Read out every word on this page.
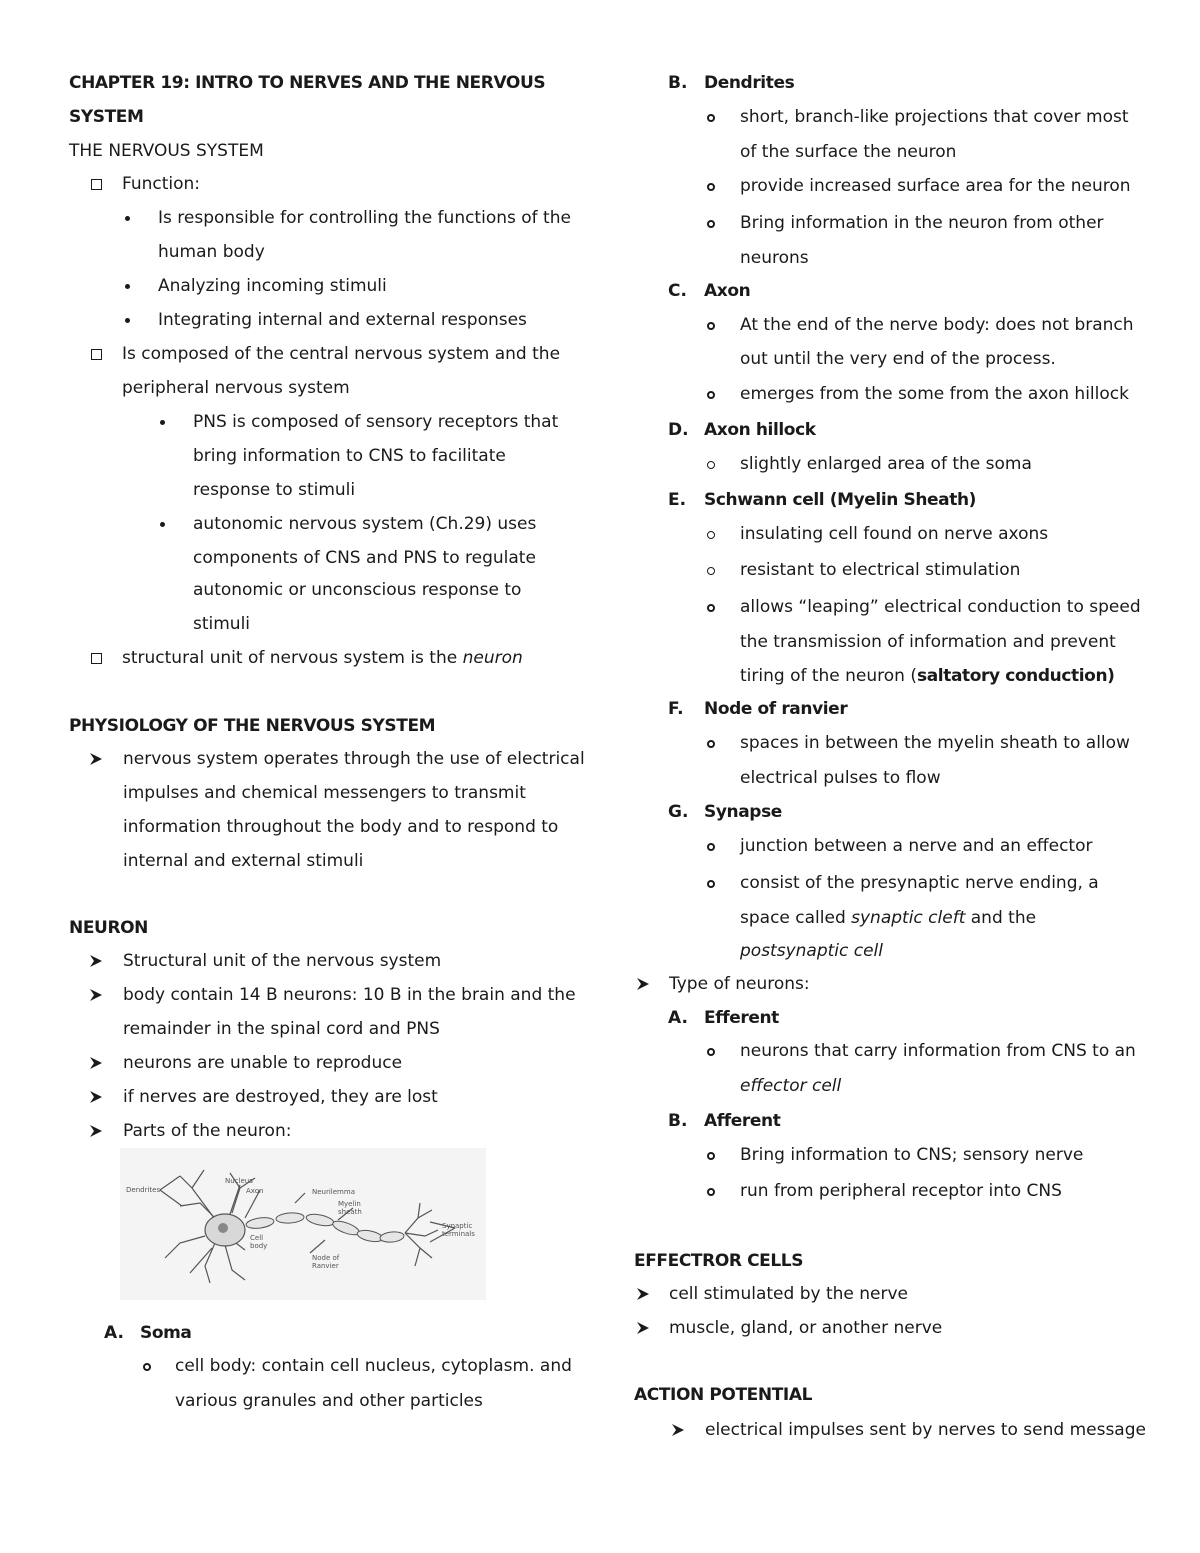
CHAPTER 19: INTRO TO NERVES AND THE NERVOUS
SYSTEM
THE NERVOUS SYSTEM
Function:
Is responsible for controlling the functions of the
human body
Analyzing incoming stimuli
Integrating internal and external responses
Is composed of the central nervous system and the
peripheral nervous system
PNS is composed of sensory receptors that
bring information to CNS to facilitate
response to stimuli
autonomic nervous system (Ch.29) uses
components of CNS and PNS to regulate
autonomic or unconscious response to
stimuli
structural unit of nervous system is the neuron
PHYSIOLOGY OF THE NERVOUS SYSTEM
nervous system operates through the use of electrical
impulses and chemical messengers to transmit
information throughout the body and to respond to
internal and external stimuli
NEURON
Structural unit of the nervous system
body contain 14 B neurons: 10 B in the brain and the
remainder in the spinal cord and PNS
neurons are unable to reproduce
if nerves are destroyed, they are lost
Parts of the neuron:
Dendrites
Nucleus
Axon	Neurilemma
Myelin
sheath
Cell
body
Node of
Ranvier
Synaptic
terminals
A. Soma
cell body: contain cell nucleus, cytoplasm. and
various granules and other particles
B. Dendrites
short, branch-like projections that cover most
of the surface the neuron
provide increased surface area for the neuron
Bring information in the neuron from other
neurons
C. Axon
At the end of the nerve body: does not branch
out until the very end of the process.
emerges from the some from the axon hillock
D. Axon hillock
slightly enlarged area of the soma
E. Schwann cell (Myelin Sheath)
insulating cell found on nerve axons
resistant to electrical stimulation
allows “leaping” electrical conduction to speed
the transmission of information and prevent
tiring of the neuron (saltatory conduction)
F. Node of ranvier
spaces in between the myelin sheath to allow
electrical pulses to flow
G. Synapse
junction between a nerve and an effector
consist of the presynaptic nerve ending, a
space called synaptic cleft and the
postsynaptic cell
Type of neurons:
A. Efferent
neurons that carry information from CNS to an
effector cell
B. Afferent
Bring information to CNS; sensory nerve
run from peripheral receptor into CNS
EFFECTROR CELLS
cell stimulated by the nerve
muscle, gland, or another nerve
ACTION POTENTIAL
electrical impulses sent by nerves to send message
